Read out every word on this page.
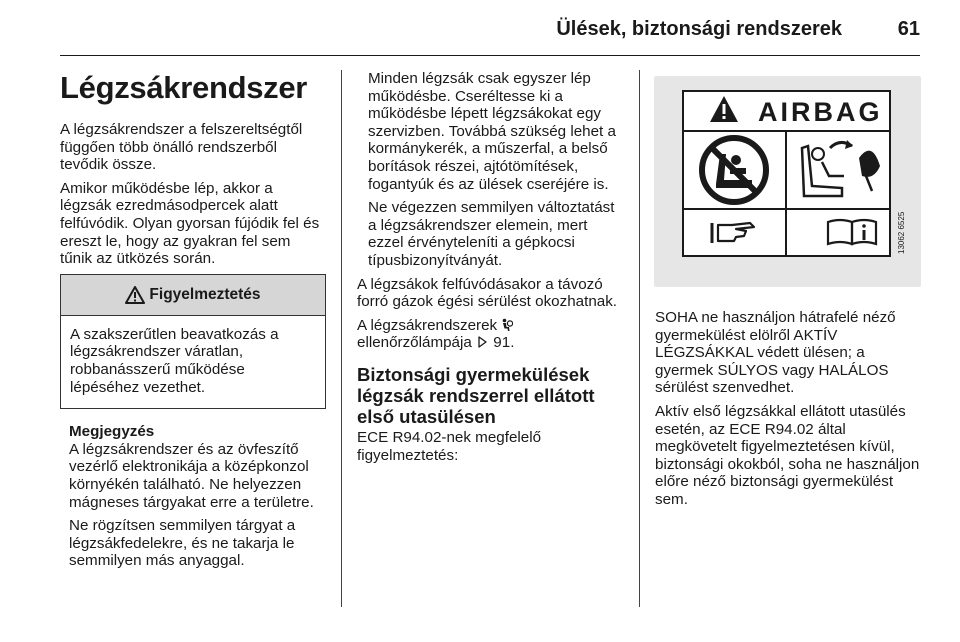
Ülések, biztonsági rendszerek	61
Légzsákrendszer

A légzsákrendszer a felszereltségtől függően több önálló rendszerből tevődik össze.

Amikor működésbe lép, akkor a légzsák ezredmásodpercek alatt felfúvódik. Olyan gyorsan fújódik fel és ereszt le, hogy az gyakran fel sem tűnik az ütközés során.

Figyelmeztetés
A szakszerűtlen beavatkozás a légzsákrendszer váratlan, robbanásszerű működése lépéséhez vezethet.
Megjegyzés

A légzsákrendszer és az övfeszítő vezérlő elektronikája a középkonzol környékén található. Ne helyezzen mágneses tárgyakat erre a területre.

Ne rögzítsen semmilyen tárgyat a légzsákfedelekre, és ne takarja le semmilyen más anyaggal.

Minden légzsák csak egyszer lép működésbe. Cseréltesse ki a működésbe lépett légzsákokat egy szervizben. Továbbá szükség lehet a kormánykerék, a műszerfal, a belső borítások részei, ajtótömítések, fogantyúk és az ülések cseréjére is.

Ne végezzen semmilyen változtatást a légzsákrendszer elemein, mert ezzel érvényteleníti a gépkocsi típusbizonyítványát.

A légzsákok felfúvódásakor a távozó forró gázok égési sérülést okozhatnak.

A légzsákrendszerek
ellenőrzőlámpája 91.

Biztonsági gyermekülések légzsák rendszerrel ellátott első utasülésen

ECE R94.02-nek megfelelő figyelmeztetés:

AIRBAG
13062 6525

SOHA ne használjon hátrafelé néző gyermekülést elölről AKTÍV LÉGZSÁKKAL védett ülésen; a gyermek SÚLYOS vagy HALÁLOS sérülést szenvedhet.

Aktív első légzsákkal ellátott utasülés esetén, az ECE R94.02 által megkövetelt figyelmeztetésen kívül, biztonsági okokból, soha ne használjon előre néző biztonsági gyermekülést sem.
